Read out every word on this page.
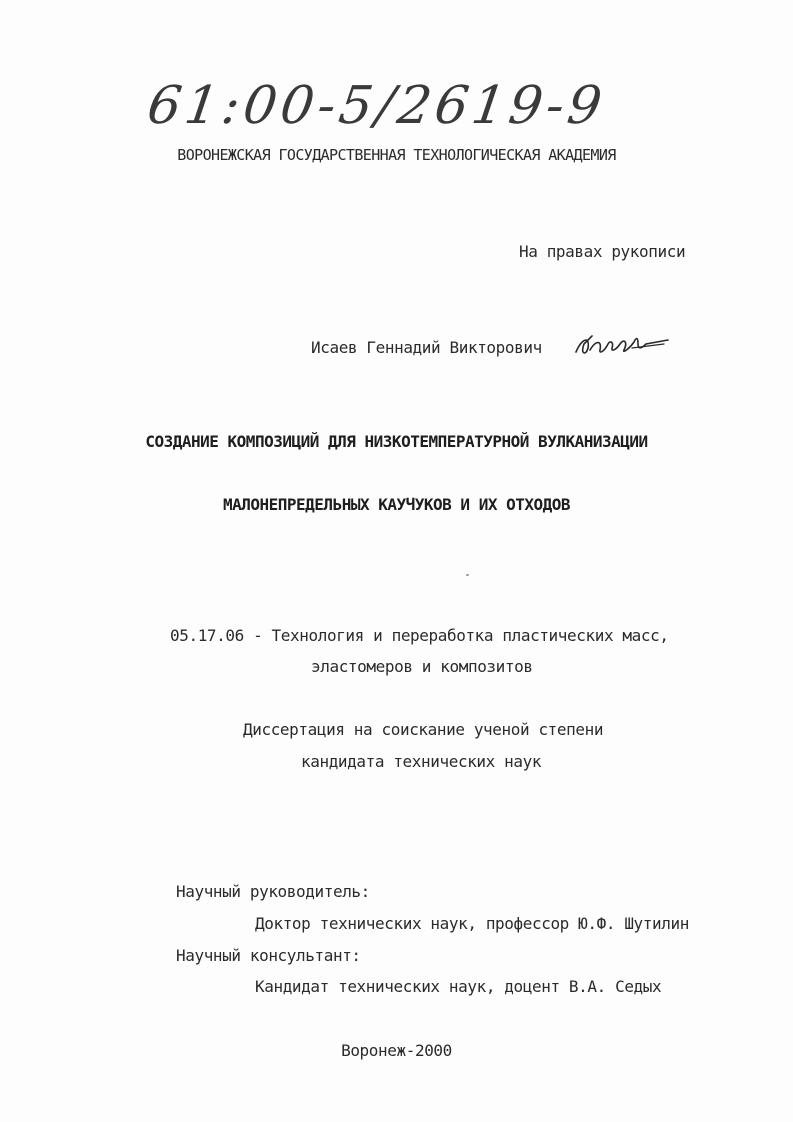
61:00-5/2619-9
ВОРОНЕЖСКАЯ ГОСУДАРСТВЕННАЯ ТЕХНОЛОГИЧЕСКАЯ АКАДЕМИЯ
На правах рукописи
Исаев Геннадий Викторович
СОЗДАНИЕ КОМПОЗИЦИЙ ДЛЯ НИЗКОТЕМПЕРАТУРНОЙ ВУЛКАНИЗАЦИИ
МАЛОНЕПРЕДЕЛЬНЫХ КАУЧУКОВ И ИХ ОТХОДОВ
05.17.06 - Технология и переработка пластических масс,
эластомеров и композитов
Диссертация на соискание ученой степени
кандидата технических наук
Научный руководитель:
Доктор технических наук, профессор Ю.Ф. Шутилин
Научный консультант:
Кандидат технических наук, доцент В.А. Седых
Воронеж-2000
